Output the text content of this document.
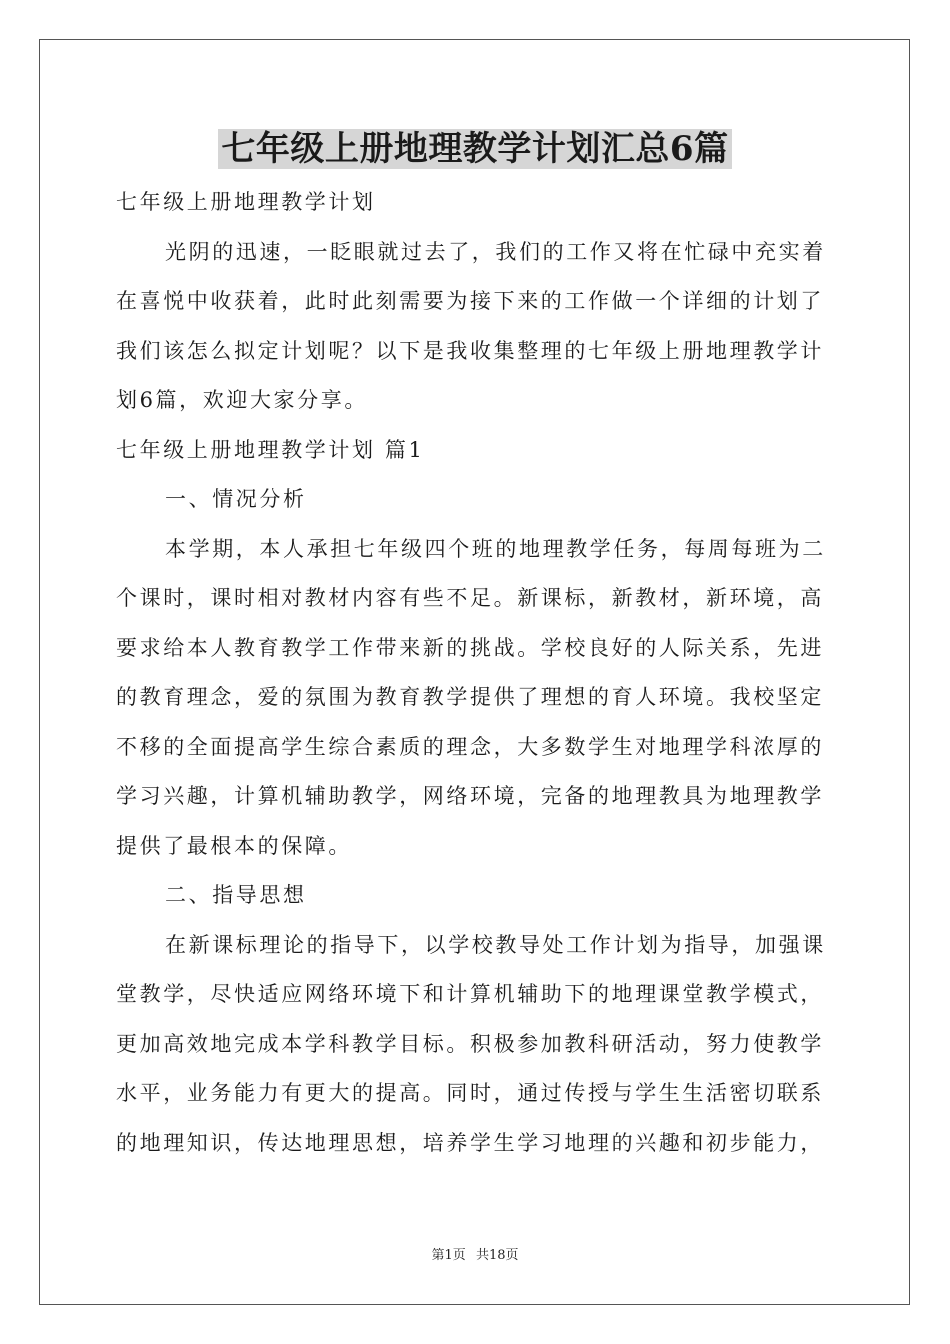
七年级上册地理教学计划汇总6篇

七年级上册地理教学计划

光阴的迅速，一眨眼就过去了，我们的工作又将在忙碌中充实着

在喜悦中收获着，此时此刻需要为接下来的工作做一个详细的计划了

我们该怎么拟定计划呢？以下是我收集整理的七年级上册地理教学计

划6篇，欢迎大家分享。

七年级上册地理教学计划 篇1

一、情况分析

本学期，本人承担七年级四个班的地理教学任务，每周每班为二

个课时，课时相对教材内容有些不足。新课标，新教材，新环境，高

要求给本人教育教学工作带来新的挑战。学校良好的人际关系，先进

的教育理念，爱的氛围为教育教学提供了理想的育人环境。我校坚定

不移的全面提高学生综合素质的理念，大多数学生对地理学科浓厚的

学习兴趣，计算机辅助教学，网络环境，完备的地理教具为地理教学

提供了最根本的保障。

二、指导思想

在新课标理论的指导下，以学校教导处工作计划为指导，加强课

堂教学，尽快适应网络环境下和计算机辅助下的地理课堂教学模式，

更加高效地完成本学科教学目标。积极参加教科研活动，努力使教学

水平，业务能力有更大的提高。同时，通过传授与学生生活密切联系

的地理知识，传达地理思想，培养学生学习地理的兴趣和初步能力，

第1页 共18页
